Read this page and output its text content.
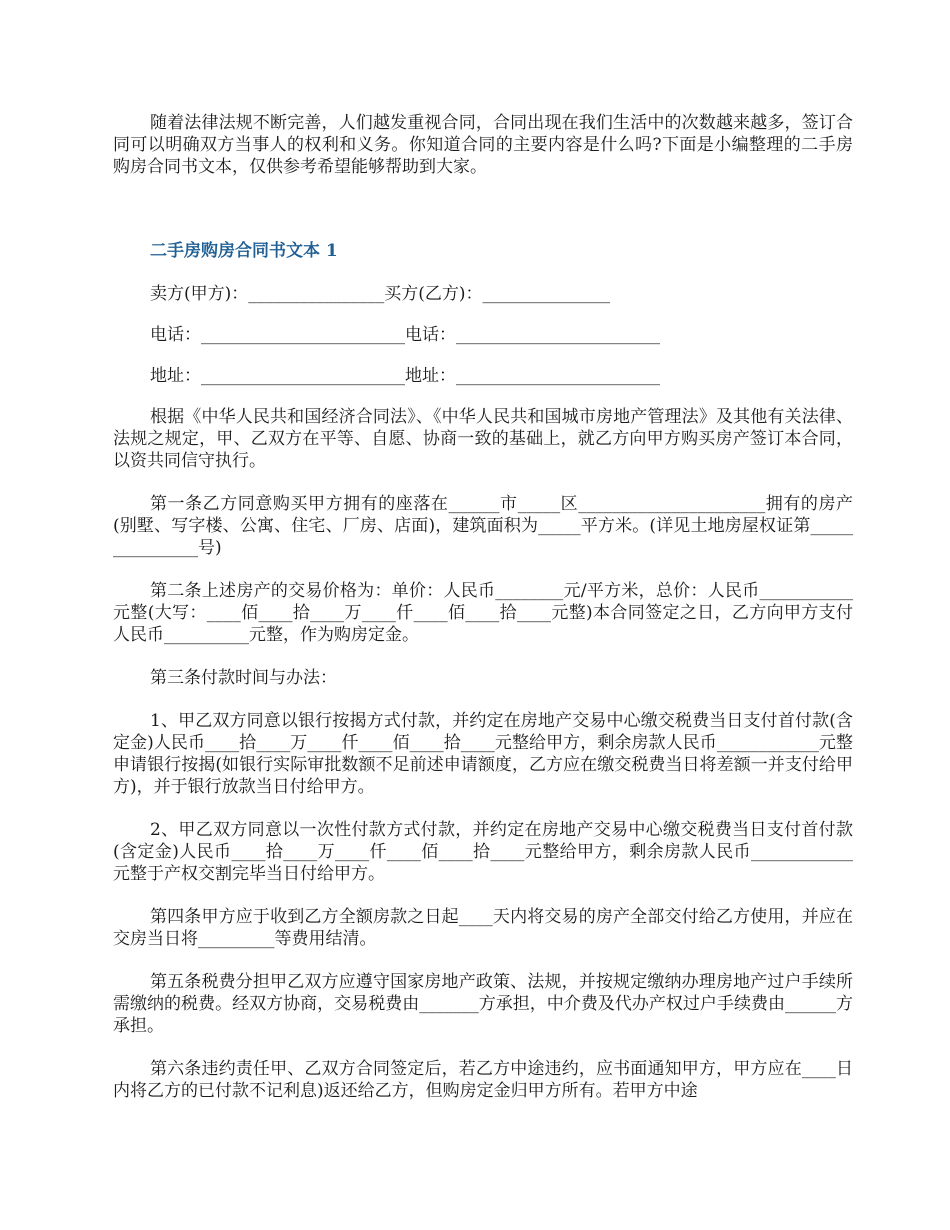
随着法律法规不断完善，人们越发重视合同，合同出现在我们生活中的次数越来越多，签订合同可以明确双方当事人的权利和义务。你知道合同的主要内容是什么吗?下面是小编整理的二手房购房合同书文本，仅供参考希望能够帮助到大家。

二手房购房合同书文本 1

卖方(甲方)：________________买方(乙方)：_______________

电话：________________________电话：________________________

地址：________________________地址：________________________

根据《中华人民共和国经济合同法》、《中华人民共和国城市房地产管理法》及其他有关法律、法规之规定，甲、乙双方在平等、自愿、协商一致的基础上，就乙方向甲方购买房产签订本合同，以资共同信守执行。

第一条乙方同意购买甲方拥有的座落在______市_____区______________________拥有的房产(别墅、写字楼、公寓、住宅、厂房、店面)，建筑面积为_____平方米。(详见土地房屋权证第_______________号)

第二条上述房产的交易价格为：单价：人民币________元/平方米，总价：人民币___________元整(大写：____佰____拾____万____仟____佰____拾____元整)本合同签定之日，乙方向甲方支付人民币__________元整，作为购房定金。

第三条付款时间与办法：

1、甲乙双方同意以银行按揭方式付款，并约定在房地产交易中心缴交税费当日支付首付款(含定金)人民币____拾____万____仟____佰____拾____元整给甲方，剩余房款人民币____________元整申请银行按揭(如银行实际审批数额不足前述申请额度，乙方应在缴交税费当日将差额一并支付给甲方)，并于银行放款当日付给甲方。

2、甲乙双方同意以一次性付款方式付款，并约定在房地产交易中心缴交税费当日支付首付款(含定金)人民币____拾____万____仟____佰____拾____元整给甲方，剩余房款人民币____________元整于产权交割完毕当日付给甲方。

第四条甲方应于收到乙方全额房款之日起____天内将交易的房产全部交付给乙方使用，并应在交房当日将_________等费用结清。

第五条税费分担甲乙双方应遵守国家房地产政策、法规，并按规定缴纳办理房地产过户手续所需缴纳的税费。经双方协商，交易税费由_______方承担，中介费及代办产权过户手续费由______方承担。

第六条违约责任甲、乙双方合同签定后，若乙方中途违约，应书面通知甲方，甲方应在____日内将乙方的已付款不记利息)返还给乙方，但购房定金归甲方所有。若甲方中途
